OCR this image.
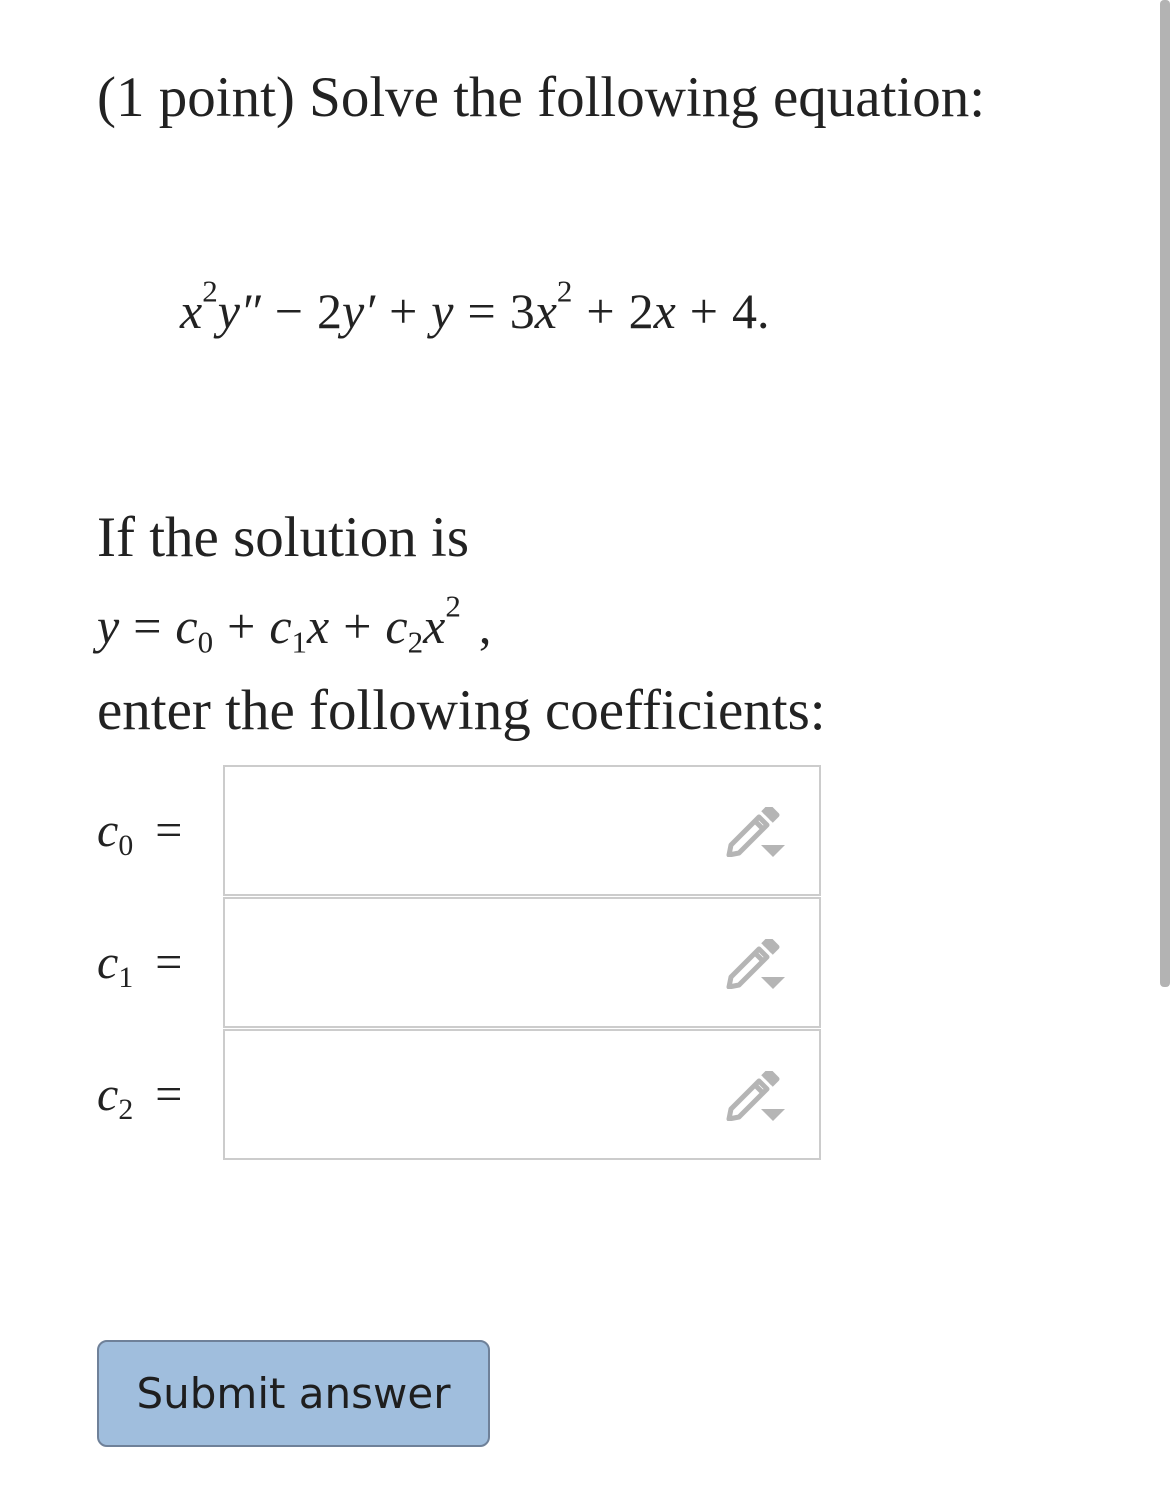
(1 point) Solve the following equation:

$x^2y'' - 2y' + y = 3x^2 + 2x + 4$.

If the solution is

$y = c_0 + c_1x + c_2x^2$ ,

enter the following coefficients:

$c_0$ =
$c_1$ =
$c_2$ =
Submit answer
